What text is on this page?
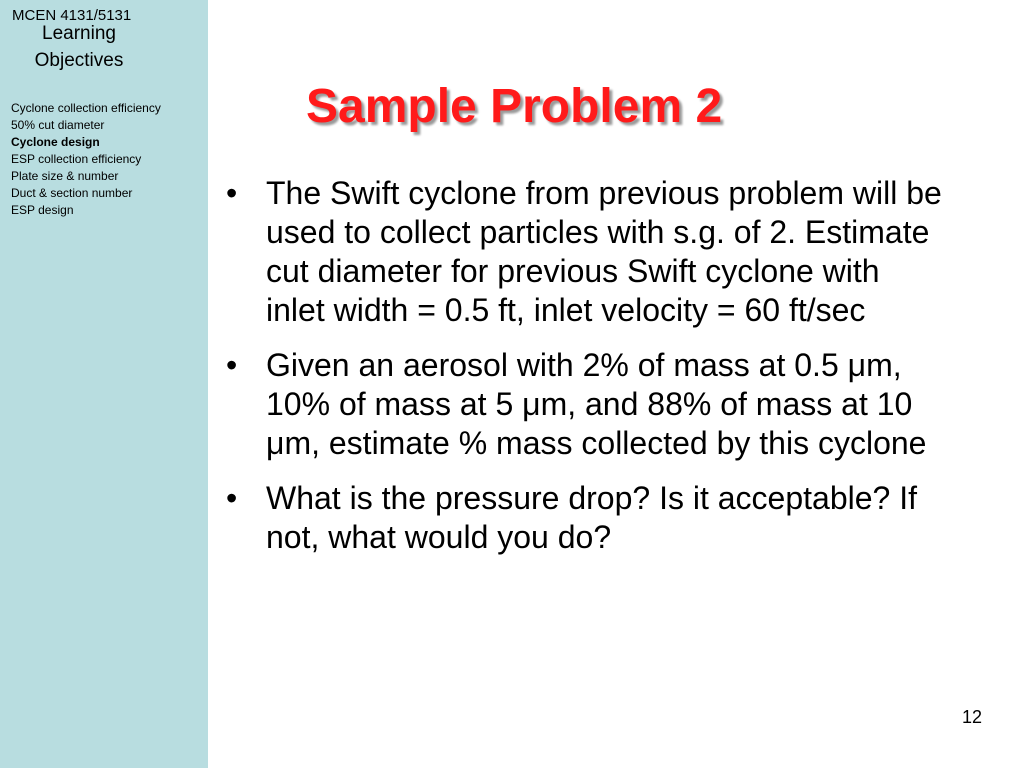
MCEN 4131/5131
Learning Objectives
Cyclone collection efficiency
50% cut diameter
Cyclone design
ESP collection efficiency
Plate size & number
Duct & section number
ESP design
Sample Problem 2
• The Swift cyclone from previous problem will be used to collect particles with s.g. of 2. Estimate cut diameter for previous Swift cyclone with inlet width = 0.5 ft, inlet velocity = 60 ft/sec
• Given an aerosol with 2% of mass at 0.5 μm, 10% of mass at 5 μm, and 88% of mass at 10 μm, estimate % mass collected by this cyclone
• What is the pressure drop? Is it acceptable? If not, what would you do?
12
